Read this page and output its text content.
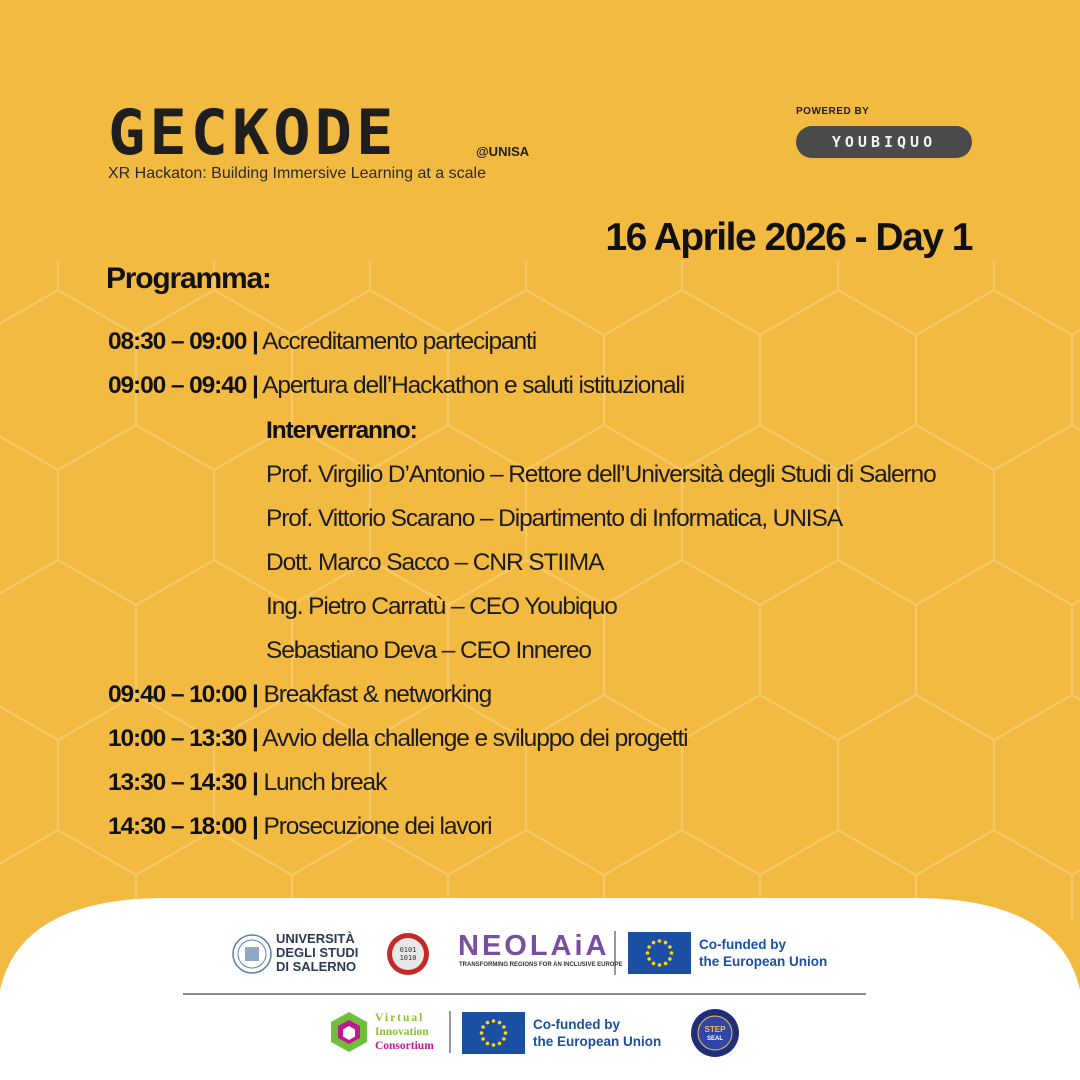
GECKODE	@UNISA
XR Hackaton: Building Immersive Learning at a scale
POWERED BY
YOUBIQUO
16 Aprile 2026 - Day 1
Programma:
08:30 – 09:00 | Accreditamento partecipanti
09:00 – 09:40 | Apertura dell’Hackathon e saluti istituzionali
Interverranno:
Prof. Virgilio D’Antonio – Rettore dell’Università degli Studi di Salerno
Prof. Vittorio Scarano – Dipartimento di Informatica, UNISA
Dott. Marco Sacco – CNR STIIMA
Ing. Pietro Carratù – CEO Youbiquo
Sebastiano Deva – CEO Innereo
09:40 – 10:00 | Breakfast & networking
10:00 – 13:30 | Avvio della challenge e sviluppo dei progetti
13:30 – 14:30 | Lunch break
14:30 – 18:00 | Prosecuzione dei lavori
UNIVERSITÀ
DEGLI STUDI
DI SALERNO
0101
1010 NEOLAiA
TRANSFORMING REGIONS FOR AN INCLUSIVE EUROPE
Co-funded by
the European Union
Virtual
Innovation
Consortium
Co-funded by
the European Union
STEP
SEAL
